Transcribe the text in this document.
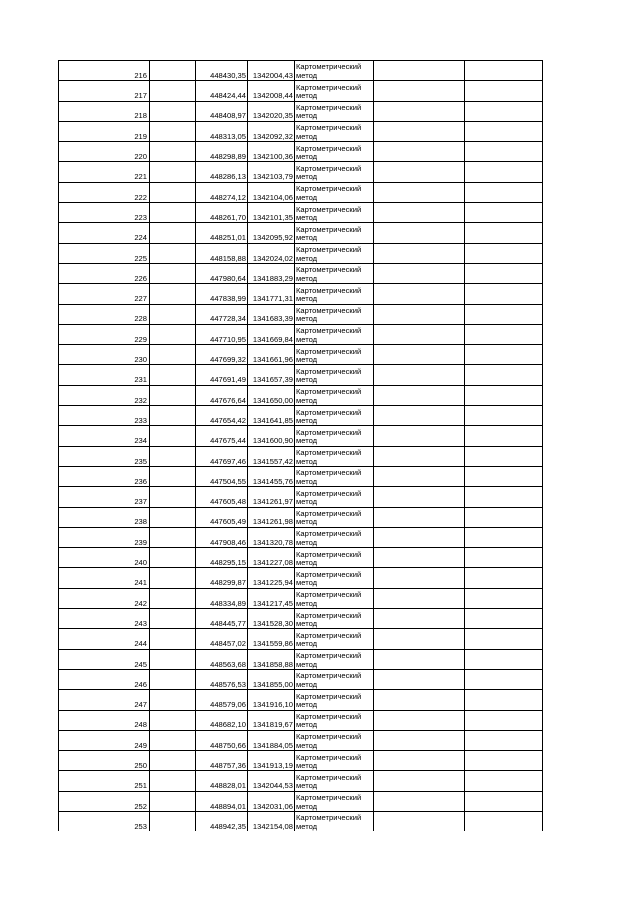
216		448430,35	1342004,43	Картометрический метод		
217		448424,44	1342008,44	Картометрический метод		
218		448408,97	1342020,35	Картометрический метод		
219		448313,05	1342092,32	Картометрический метод		
220		448298,89	1342100,36	Картометрический метод		
221		448286,13	1342103,79	Картометрический метод		
222		448274,12	1342104,06	Картометрический метод		
223		448261,70	1342101,35	Картометрический метод		
224		448251,01	1342095,92	Картометрический метод		
225		448158,88	1342024,02	Картометрический метод		
226		447980,64	1341883,29	Картометрический метод		
227		447838,99	1341771,31	Картометрический метод		
228		447728,34	1341683,39	Картометрический метод		
229		447710,95	1341669,84	Картометрический метод		
230		447699,32	1341661,96	Картометрический метод		
231		447691,49	1341657,39	Картометрический метод		
232		447676,64	1341650,00	Картометрический метод		
233		447654,42	1341641,85	Картометрический метод		
234		447675,44	1341600,90	Картометрический метод		
235		447697,46	1341557,42	Картометрический метод		
236		447504,55	1341455,76	Картометрический метод		
237		447605,48	1341261,97	Картометрический метод		
238		447605,49	1341261,98	Картометрический метод		
239		447908,46	1341320,78	Картометрический метод		
240		448295,15	1341227,08	Картометрический метод		
241		448299,87	1341225,94	Картометрический метод		
242		448334,89	1341217,45	Картометрический метод		
243		448445,77	1341528,30	Картометрический метод		
244		448457,02	1341559,86	Картометрический метод		
245		448563,68	1341858,88	Картометрический метод		
246		448576,53	1341855,00	Картометрический метод		
247		448579,06	1341916,10	Картометрический метод		
248		448682,10	1341819,67	Картометрический метод		
249		448750,66	1341884,05	Картометрический метод		
250		448757,36	1341913,19	Картометрический метод		
251		448828,01	1342044,53	Картометрический метод		
252		448894,01	1342031,06	Картометрический метод		
253		448942,35	1342154,08	Картометрический метод		
